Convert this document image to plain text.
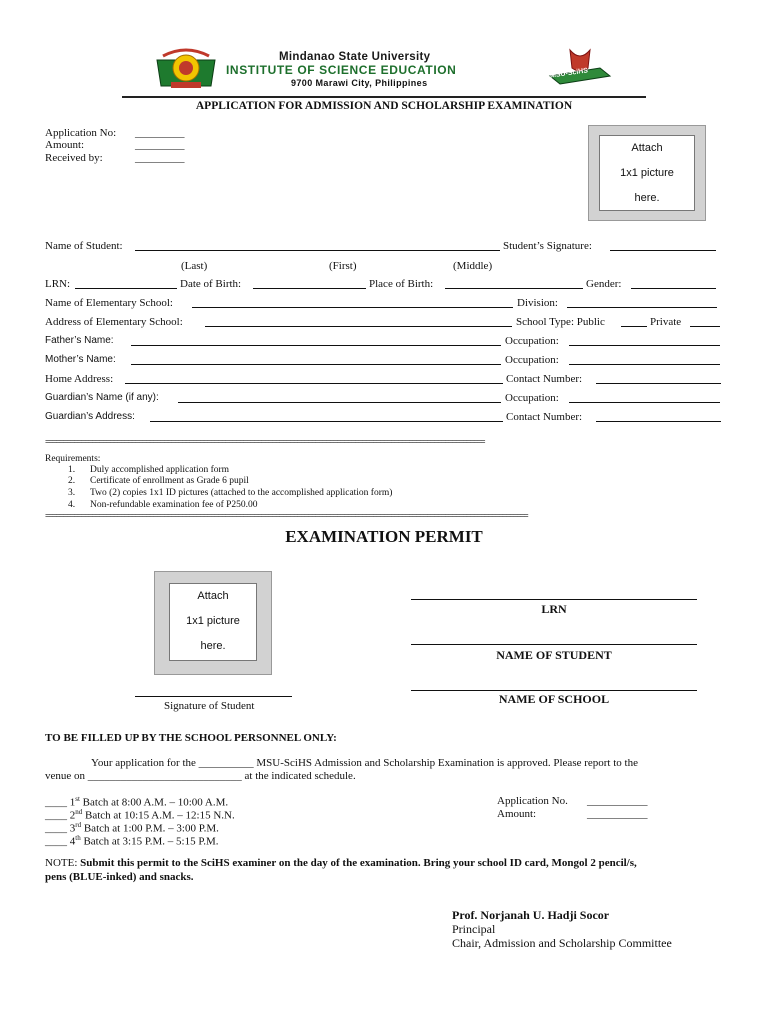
Mindanao State University
INSTITUTE OF SCIENCE EDUCATION
9700 Marawi City, Philippines
MSU-SciHS
APPLICATION FOR ADMISSION AND SCHOLARSHIP EXAMINATION
Application No: _________
Amount:	_________
Received by:	_________
Attach
1x1 picture
here.
Name of Student:	Student’s Signature:
(Last)	(First)	(Middle)
LRN:	Date of Birth:	Place of Birth:	Gender:
Name of Elementary School:	Division:
Address of Elementary School:	School Type: Public	Private
Father’s Name:	Occupation:
Mother’s Name:	Occupation:
Home Address:	Contact Number:
Guardian’s Name (if any):	Occupation:
Guardian’s Address:	Contact Number:
==========================================================================================================================
Requirements:
1. Duly accomplished application form
2. Certificate of enrollment as Grade 6 pupil
3. Two (2) copies 1x1 ID pictures (attached to the accomplished application form)
4. Non-refundable examination fee of P250.00
======================================================================================================================================
EXAMINATION PERMIT
Attach
1x1 picture
here.
Signature of Student
LRN
NAME OF STUDENT
NAME OF SCHOOL
TO BE FILLED UP BY THE SCHOOL PERSONNEL ONLY:
Your application for the __________ MSU-SciHS Admission and Scholarship Examination is approved. Please report to the
venue on ____________________________ at the indicated schedule.
____ 1st Batch at 8:00 A.M. – 10:00 A.M.
____ 2nd Batch at 10:15 A.M. – 12:15 N.N.
____ 3rd Batch at 1:00 P.M. – 3:00 P.M.
____ 4th Batch at 3:15 P.M. – 5:15 P.M.
Application No. ___________
Amount:	___________
NOTE: Submit this permit to the SciHS examiner on the day of the examination. Bring your school ID card, Mongol 2 pencil/s,
pens (BLUE-inked) and snacks.
Prof. Norjanah U. Hadji Socor
Principal
Chair, Admission and Scholarship Committee
